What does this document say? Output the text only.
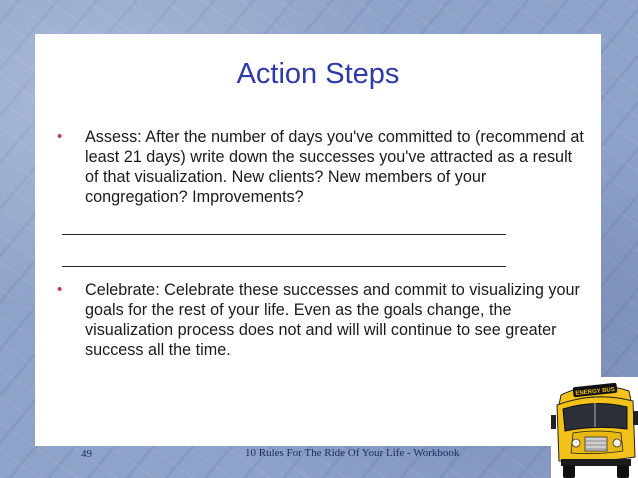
Action Steps
• Assess: After the number of days you've committed to (recommend at least 21 days) write down the successes you've attracted as a result of that visualization. New clients? New members of your congregation? Improvements?
• Celebrate: Celebrate these successes and commit to visualizing your goals for the rest of your life. Even as the goals change, the visualization process does not and will will continue to see greater success all the time.
49	10 Rules For The Ride Of Your Life - Workbook
ENERGY BUS
